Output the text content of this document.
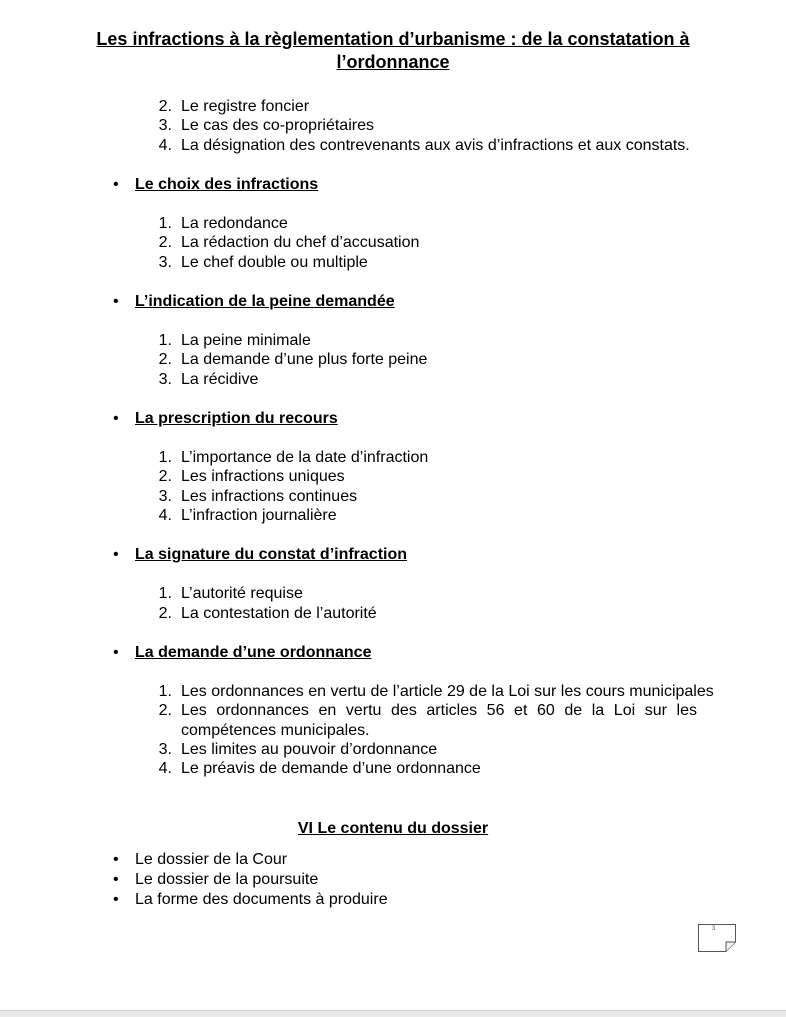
Les infractions à la règlementation d’urbanisme : de la constatation à l’ordonnance
2. Le registre foncier
3. Le cas des co-propriétaires
4. La désignation des contrevenants aux avis d’infractions et aux constats.
• Le choix des infractions
1. La redondance
2. La rédaction du chef d’accusation
3. Le chef double ou multiple
• L’indication de la peine demandée
1. La peine minimale
2. La demande d’une plus forte peine
3. La récidive
• La prescription du recours
1. L’importance de la date d’infraction
2. Les infractions uniques
3. Les infractions continues
4. L’infraction journalière
• La signature du constat d’infraction
1. L’autorité requise
2. La contestation de l’autorité
• La demande d’une ordonnance
1. Les ordonnances en vertu de l’article 29 de la Loi sur les cours municipales
2. Les ordonnances en vertu des articles 56 et 60 de la Loi sur les
compétences municipales.
3. Les limites au pouvoir d’ordonnance
4. Le préavis de demande d’une ordonnance
VI Le contenu du dossier
• Le dossier de la Cour
• Le dossier de la poursuite
• La forme des documents à produire
3
